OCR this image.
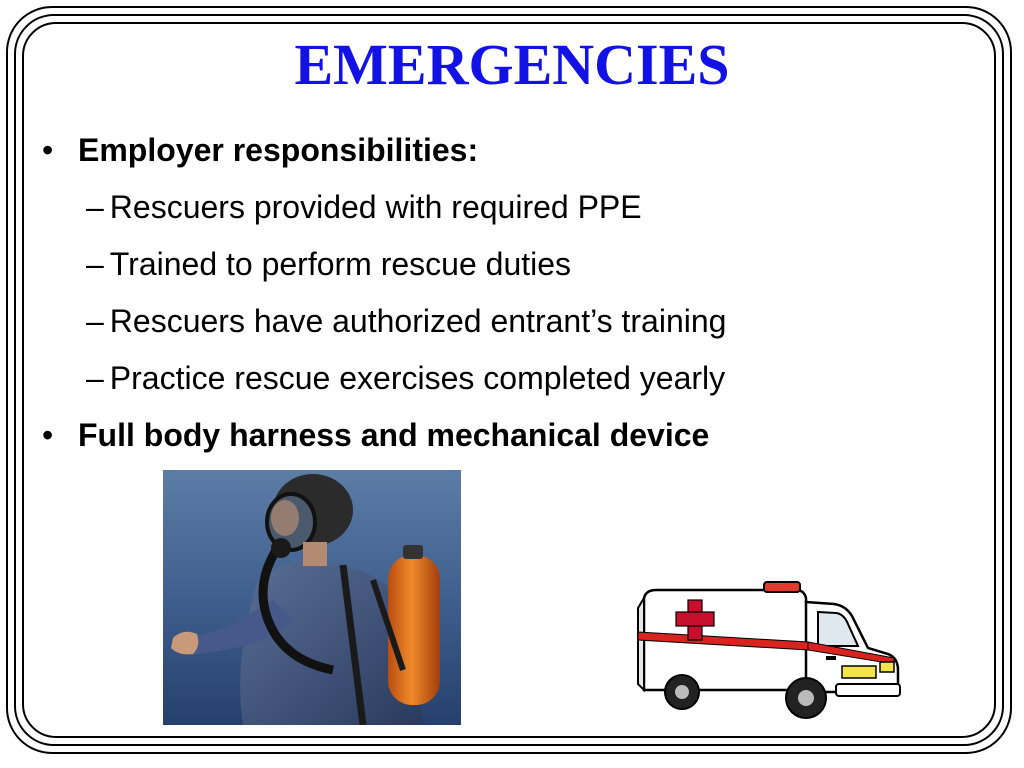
EMERGENCIES
• Employer responsibilities:
– Rescuers provided with required PPE
– Trained to perform rescue duties
– Rescuers have authorized entrant’s training
– Practice rescue exercises completed yearly
• Full body harness and mechanical device
